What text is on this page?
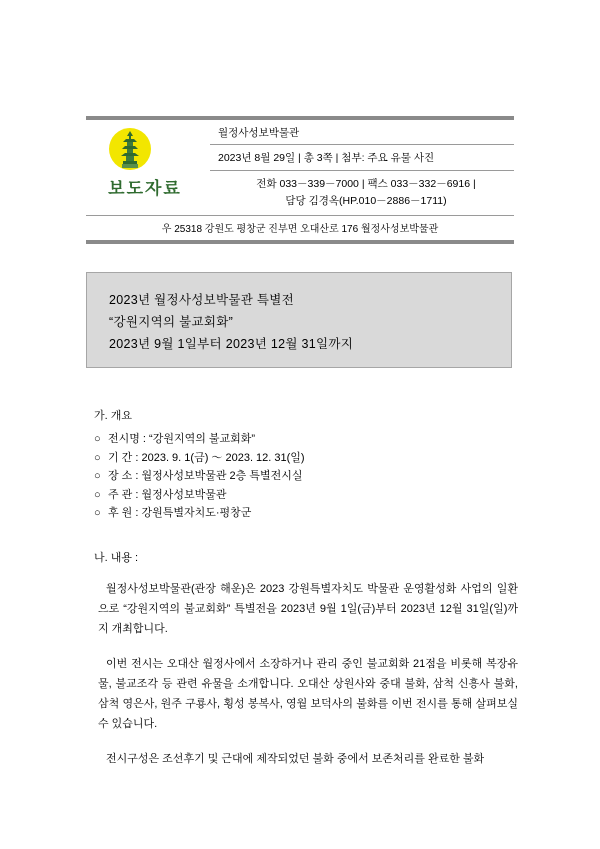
보도자료
월정사성보박물관
2023년 8월 29일 | 총 3쪽 | 첨부: 주요 유물 사진
전화 033－339－7000 | 팩스 033－332－6916 |
담당 김경옥(HP.010－2886－1711)
우 25318 강원도 평창군 진부면 오대산로 176 월정사성보박물관
2023년 월정사성보박물관 특별전
“강원지역의 불교회화”
2023년 9월 1일부터 2023년 12월 31일까지
가. 개요
○ 전시명 : “강원지역의 불교회화”
○ 기 간 : 2023. 9. 1(금) ～ 2023. 12. 31(일)
○ 장 소 : 월정사성보박물관 2층 특별전시실
○ 주 관 : 월정사성보박물관
○ 후 원 : 강원특별자치도·평창군
나. 내용 :

월정사성보박물관(관장 해운)은 2023 강원특별자치도 박물관 운영활성화 사업의 일환으로 “강원지역의 불교회화” 특별전을 2023년 9월 1일(금)부터 2023년 12월 31일(일)까지 개최합니다.

이번 전시는 오대산 월정사에서 소장하거나 관리 중인 불교회화 21점을 비롯해 복장유물, 불교조각 등 관련 유물을 소개합니다. 오대산 상원사와 중대 불화, 삼척 신흥사 불화, 삼척 영은사, 원주 구룡사, 횡성 봉복사, 영월 보덕사의 불화를 이번 전시를 통해 살펴보실 수 있습니다.

전시구성은 조선후기 및 근대에 제작되었던 불화 중에서 보존처리를 완료한 불화
